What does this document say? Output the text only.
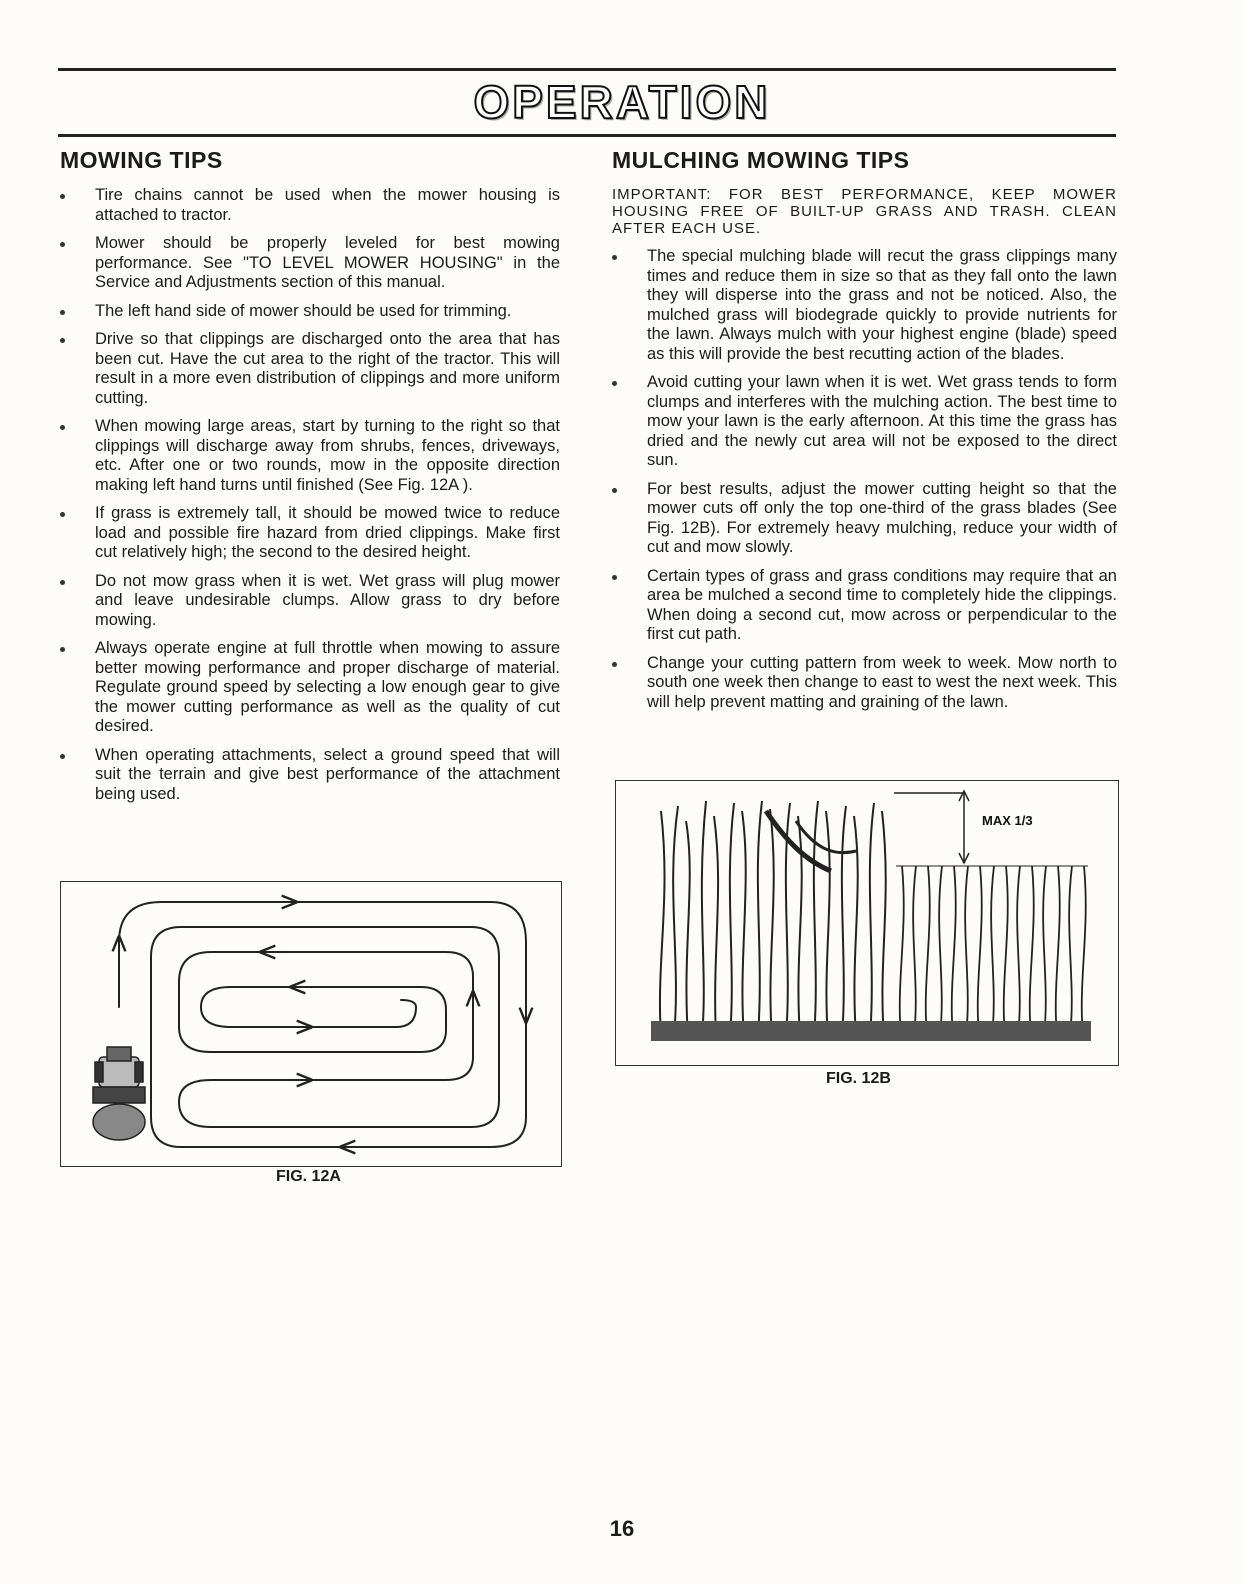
OPERATION
MOWING TIPS
Tire chains cannot be used when the mower housing is attached to tractor.
Mower should be properly leveled for best mowing performance. See "TO LEVEL MOWER HOUSING" in the Service and Adjustments section of this manual.
The left hand side of mower should be used for trimming.
Drive so that clippings are discharged onto the area that has been cut. Have the cut area to the right of the tractor. This will result in a more even distribution of clippings and more uniform cutting.
When mowing large areas, start by turning to the right so that clippings will discharge away from shrubs, fences, driveways, etc. After one or two rounds, mow in the opposite direction making left hand turns until finished (See Fig. 12A ).
If grass is extremely tall, it should be mowed twice to reduce load and possible fire hazard from dried clippings. Make first cut relatively high; the second to the desired height.
Do not mow grass when it is wet. Wet grass will plug mower and leave undesirable clumps. Allow grass to dry before mowing.
Always operate engine at full throttle when mowing to assure better mowing performance and proper discharge of material. Regulate ground speed by selecting a low enough gear to give the mower cutting performance as well as the quality of cut desired.
When operating attachments, select a ground speed that will suit the terrain and give best performance of the attachment being used.
FIG. 12A
MULCHING MOWING TIPS

IMPORTANT: FOR BEST PERFORMANCE, KEEP MOWER HOUSING FREE OF BUILT-UP GRASS AND TRASH. CLEAN AFTER EACH USE.

The special mulching blade will recut the grass clippings many times and reduce them in size so that as they fall onto the lawn they will disperse into the grass and not be noticed. Also, the mulched grass will biodegrade quickly to provide nutrients for the lawn. Always mulch with your highest engine (blade) speed as this will provide the best recutting action of the blades.
Avoid cutting your lawn when it is wet. Wet grass tends to form clumps and interferes with the mulching action. The best time to mow your lawn is the early afternoon. At this time the grass has dried and the newly cut area will not be exposed to the direct sun.
For best results, adjust the mower cutting height so that the mower cuts off only the top one-third of the grass blades (See Fig. 12B). For extremely heavy mulching, reduce your width of cut and mow slowly.
Certain types of grass and grass conditions may require that an area be mulched a second time to completely hide the clippings. When doing a second cut, mow across or perpendicular to the first cut path.
Change your cutting pattern from week to week. Mow north to south one week then change to east to west the next week. This will help prevent matting and graining of the lawn.
MAX 1/3
FIG. 12B
16
